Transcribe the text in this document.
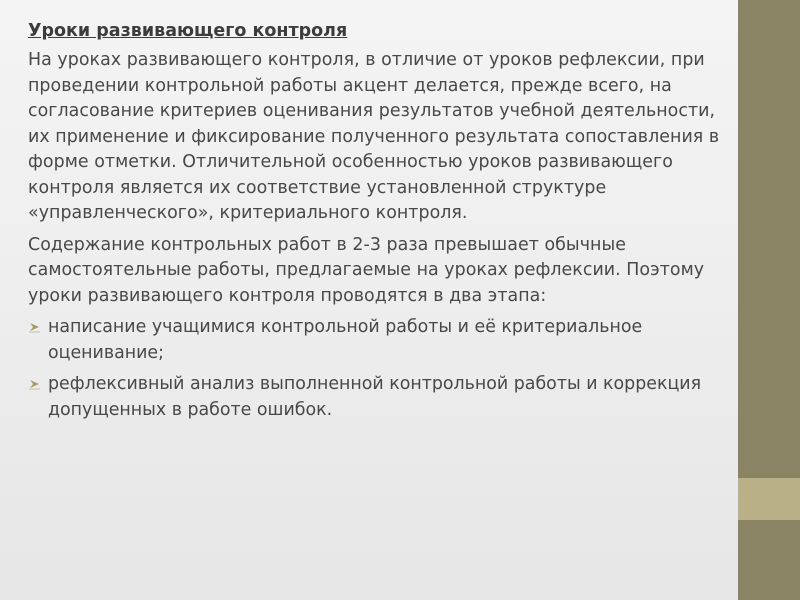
Уроки развивающего контроля

На уроках развивающего контроля, в отличие от уроков рефлексии, при проведении контрольной работы акцент делается, прежде всего, на согласование критериев оценивания результатов учебной деятельности, их применение и фиксирование полученного результата сопоставления в форме отметки. Отличительной особенностью уроков развивающего контроля является их соответствие установленной структуре «управленческого», критериального контроля.

Содержание контрольных работ в 2-3 раза превышает обычные самостоятельные работы, предлагаемые на уроках рефлексии. Поэтому уроки развивающего контроля проводятся в два этапа:

написание учащимися контрольной работы и её критериальное оценивание;
рефлексивный анализ выполненной контрольной работы и коррекция допущенных в работе ошибок.
